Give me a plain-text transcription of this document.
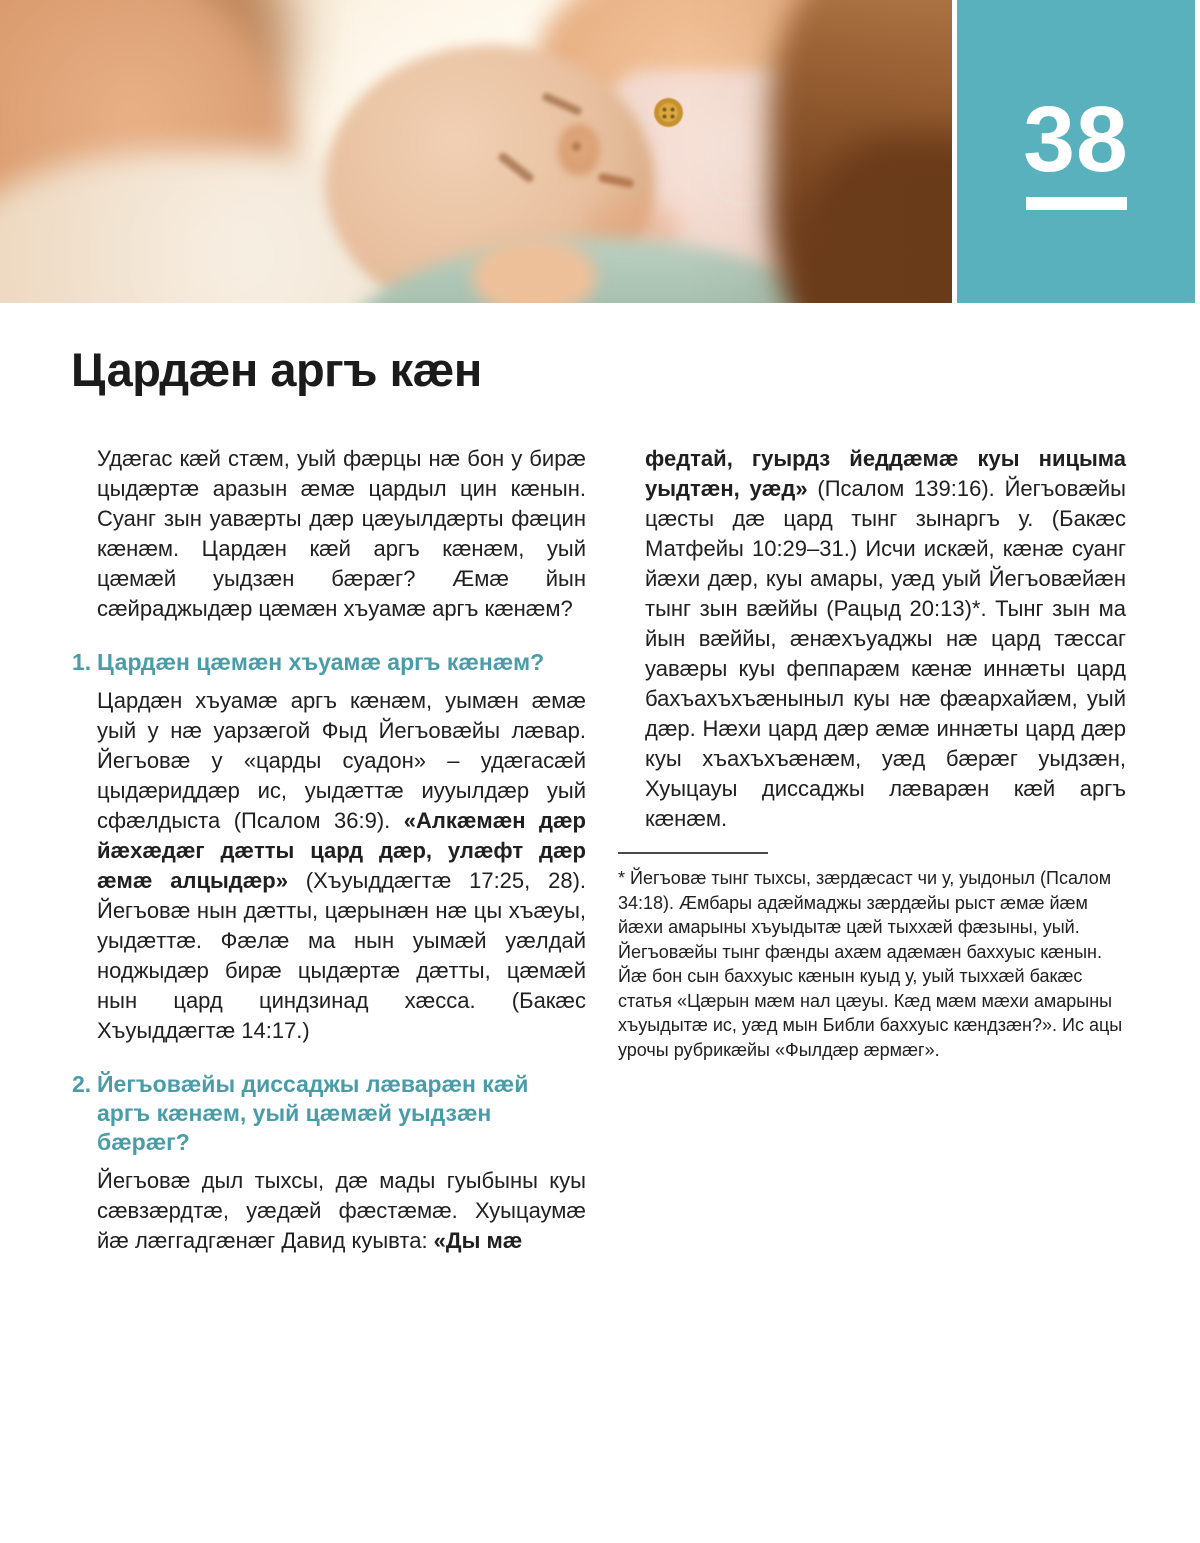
38
Цардæн аргъ кæн

Удæгас кæй стæм, уый фæрцы нæ бон у бирæ цыдæртæ аразын æмæ цардыл цин кæнын. Суанг зын уавæрты дæр цæуылдæрты фæцин кæнæм. Цардæн кæй аргъ кæнæм, уый цæмæй уыдзæн бæрæг? Æмæ йын сæйраджыдæр цæмæн хъуамæ аргъ кæнæм?

1. Цардæн цæмæн хъуамæ аргъ кæнæм?

Цардæн хъуамæ аргъ кæнæм, уымæн æмæ уый у нæ уарзæгой Фыд Йегъовæйы лæвар. Йегъовæ у «царды суадон» – удæгасæй цыдæриддæр ис, уыдæттæ иууылдæр уый сфæлдыста (Псалом 36:9). «Алкæмæн дæр йæхæдæг дæтты цард дæр, улæфт дæр æмæ алцыдæр» (Хъуыддæгтæ 17:25, 28). Йегъовæ нын дæтты, цæрынæн нæ цы хъæуы, уыдæттæ. Фæлæ ма нын уымæй уæлдай ноджыдæр бирæ цыдæртæ дæтты, цæмæй нын цард циндзинад хæсса. (Бакæс Хъуыддæгтæ 14:17.)

2. Йегъовæйы диссаджы лæварæн кæй аргъ кæнæм, уый цæмæй уыдзæн бæрæг?

Йегъовæ дыл тыхсы, дæ мады гуыбыны куы сæвзæрдтæ, уæдæй фæстæмæ. Хуыцаумæ йæ лæггадгæнæг Давид куывта: «Ды мæ

федтай, гуырдз йеддæмæ куы ницыма уыдтæн, уæд» (Псалом 139:16). Йегъовæйы цæсты дæ цард тынг зынаргъ у. (Бакæс Матфейы 10:29–31.) Исчи искæй, кæнæ суанг йæхи дæр, куы амары, уæд уый Йегъовæйæн тынг зын вæййы (Рацыд 20:13)*. Тынг зын ма йын вæййы, æнæхъуаджы нæ цард тæссаг уавæры куы феппарæм кæнæ иннæты цард бахъахъхъæныныл куы нæ фæархайæм, уый дæр. Нæхи цард дæр æмæ иннæты цард дæр куы хъахъхъæнæм, уæд бæрæг уыдзæн, Хуыцауы диссаджы лæварæн кæй аргъ кæнæм.

* Йегъовæ тынг тыхсы, зæрдæсаст чи у, уыдоныл (Псалом 34:18). Æмбары адæймаджы зæрдæйы рыст æмæ йæм йæхи амарыны хъуыдытæ цæй тыххæй фæзыны, уый. Йегъовæйы тынг фæнды ахæм адæмæн баххуыс кæнын. Йæ бон сын баххуыс кæнын куыд у, уый тыххæй бакæс статья «Цæрын мæм нал цæуы. Кæд мæм мæхи амарыны хъуыдытæ ис, уæд мын Библи баххуыс кæндзæн?». Ис ацы урочы рубрикæйы «Фылдæр æрмæг».
